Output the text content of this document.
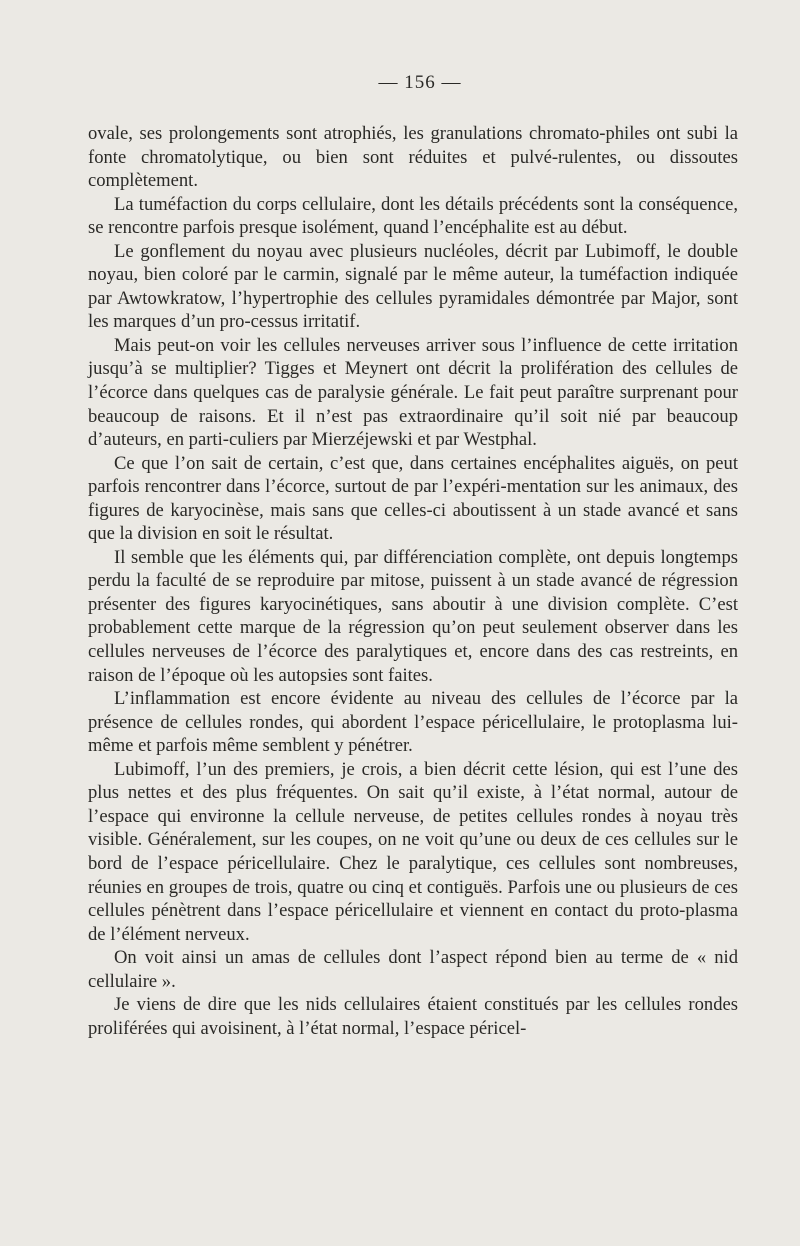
— 156 —

ovale, ses prolongements sont atrophiés, les granulations chromato-philes ont subi la fonte chromatolytique, ou bien sont réduites et pulvé-rulentes, ou dissoutes complètement.

La tuméfaction du corps cellulaire, dont les détails précédents sont la conséquence, se rencontre parfois presque isolément, quand l’encéphalite est au début.

Le gonflement du noyau avec plusieurs nucléoles, décrit par Lubimoff, le double noyau, bien coloré par le carmin, signalé par le même auteur, la tuméfaction indiquée par Awtowkratow, l’hypertrophie des cellules pyramidales démontrée par Major, sont les marques d’un pro-cessus irritatif.

Mais peut-on voir les cellules nerveuses arriver sous l’influence de cette irritation jusqu’à se multiplier? Tigges et Meynert ont décrit la prolifération des cellules de l’écorce dans quelques cas de paralysie générale. Le fait peut paraître surprenant pour beaucoup de raisons. Et il n’est pas extraordinaire qu’il soit nié par beaucoup d’auteurs, en parti-culiers par Mierzéjewski et par Westphal.

Ce que l’on sait de certain, c’est que, dans certaines encéphalites aiguës, on peut parfois rencontrer dans l’écorce, surtout de par l’expéri-mentation sur les animaux, des figures de karyocinèse, mais sans que celles-ci aboutissent à un stade avancé et sans que la division en soit le résultat.

Il semble que les éléments qui, par différenciation complète, ont depuis longtemps perdu la faculté de se reproduire par mitose, puissent à un stade avancé de régression présenter des figures karyocinétiques, sans aboutir à une division complète. C’est probablement cette marque de la régression qu’on peut seulement observer dans les cellules nerveuses de l’écorce des paralytiques et, encore dans des cas restreints, en raison de l’époque où les autopsies sont faites.

L’inflammation est encore évidente au niveau des cellules de l’écorce par la présence de cellules rondes, qui abordent l’espace péricellulaire, le protoplasma lui-même et parfois même semblent y pénétrer.

Lubimoff, l’un des premiers, je crois, a bien décrit cette lésion, qui est l’une des plus nettes et des plus fréquentes. On sait qu’il existe, à l’état normal, autour de l’espace qui environne la cellule nerveuse, de petites cellules rondes à noyau très visible. Généralement, sur les coupes, on ne voit qu’une ou deux de ces cellules sur le bord de l’espace péricellulaire. Chez le paralytique, ces cellules sont nombreuses, réunies en groupes de trois, quatre ou cinq et contiguës. Parfois une ou plusieurs de ces cellules pénètrent dans l’espace péricellulaire et viennent en contact du proto-plasma de l’élément nerveux.

On voit ainsi un amas de cellules dont l’aspect répond bien au terme de « nid cellulaire ».

Je viens de dire que les nids cellulaires étaient constitués par les cellules rondes proliférées qui avoisinent, à l’état normal, l’espace péricel-
